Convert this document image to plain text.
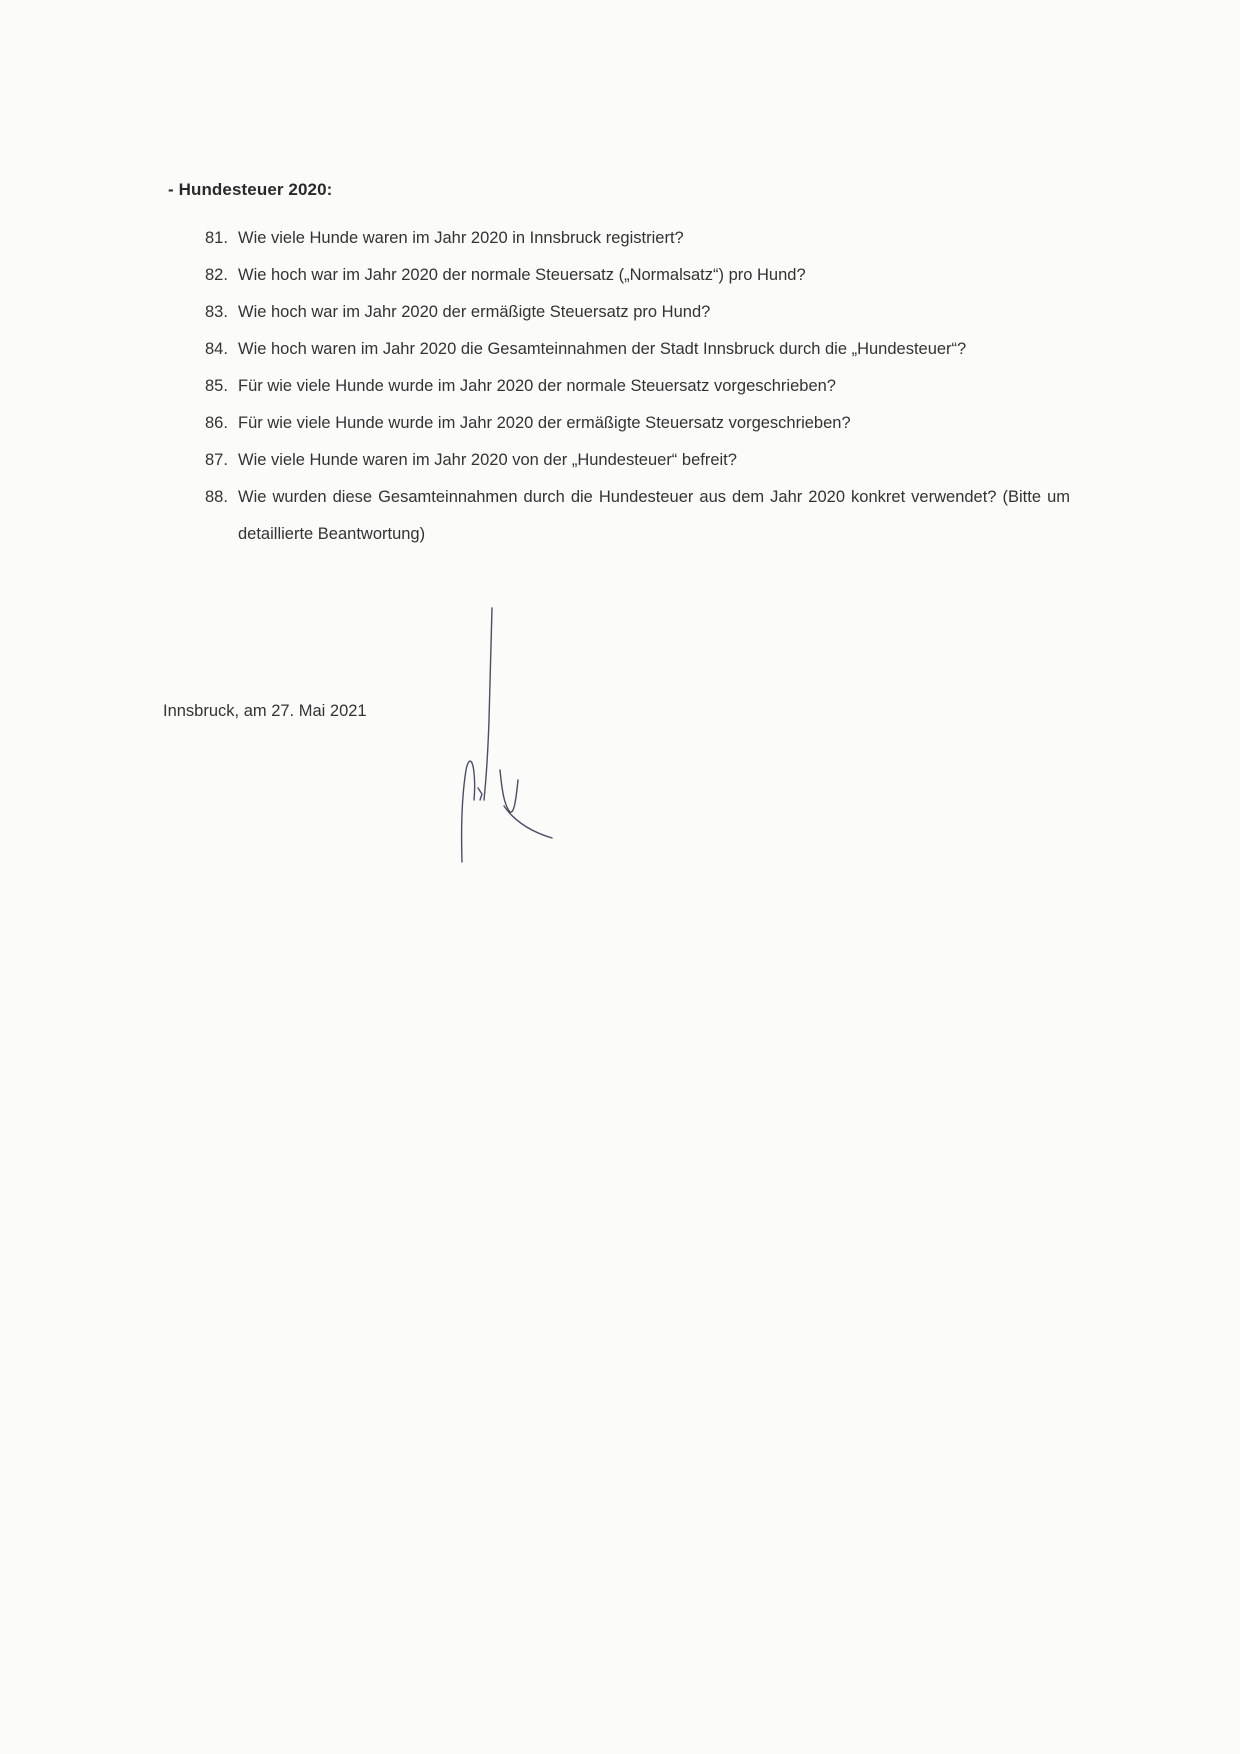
- Hundesteuer 2020:
81. Wie viele Hunde waren im Jahr 2020 in Innsbruck registriert?
82. Wie hoch war im Jahr 2020 der normale Steuersatz („Normalsatz“) pro Hund?
83. Wie hoch war im Jahr 2020 der ermäßigte Steuersatz pro Hund?
84. Wie hoch waren im Jahr 2020 die Gesamteinnahmen der Stadt Innsbruck durch die „Hundesteuer“?
85. Für wie viele Hunde wurde im Jahr 2020 der normale Steuersatz vorgeschrieben?
86. Für wie viele Hunde wurde im Jahr 2020 der ermäßigte Steuersatz vorgeschrieben?
87. Wie viele Hunde waren im Jahr 2020 von der „Hundesteuer“ befreit?
88. Wie wurden diese Gesamteinnahmen durch die Hundesteuer aus dem Jahr 2020 konkret verwendet? (Bitte um detaillierte Beantwortung)
Innsbruck, am 27. Mai 2021
